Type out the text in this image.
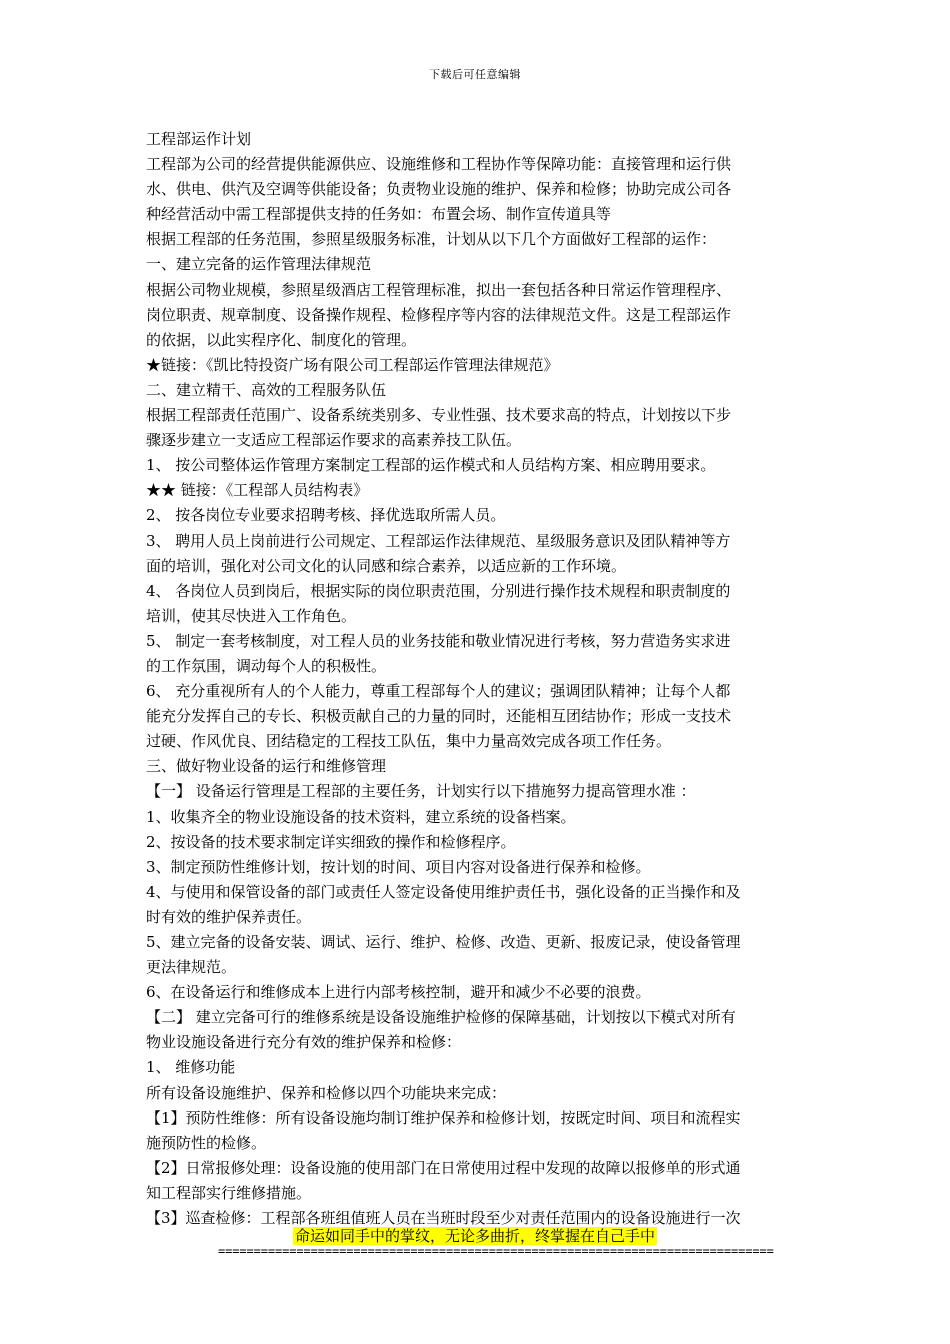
下载后可任意编辑
工程部运作计划
工程部为公司的经营提供能源供应、设施维修和工程协作等保障功能：直接管理和运行供
水、供电、供汽及空调等供能设备；负责物业设施的维护、保养和检修；协助完成公司各
种经营活动中需工程部提供支持的任务如：布置会场、制作宣传道具等
根据工程部的任务范围，参照星级服务标准，计划从以下几个方面做好工程部的运作：
一、建立完备的运作管理法律规范
根据公司物业规模，参照星级酒店工程管理标准，拟出一套包括各种日常运作管理程序、
岗位职责、规章制度、设备操作规程、检修程序等内容的法律规范文件。这是工程部运作
的依据，以此实程序化、制度化的管理。
★链接：《凯比特投资广场有限公司工程部运作管理法律规范》
二、建立精干、高效的工程服务队伍
根据工程部责任范围广、设备系统类别多、专业性强、技术要求高的特点，计划按以下步
骤逐步建立一支适应工程部运作要求的高素养技工队伍。
1、 按公司整体运作管理方案制定工程部的运作模式和人员结构方案、相应聘用要求。
★★ 链接：《工程部人员结构表》
2、 按各岗位专业要求招聘考核、择优选取所需人员。
3、 聘用人员上岗前进行公司规定、工程部运作法律规范、星级服务意识及团队精神等方
面的培训，强化对公司文化的认同感和综合素养，以适应新的工作环境。
4、 各岗位人员到岗后，根据实际的岗位职责范围，分别进行操作技术规程和职责制度的
培训，使其尽快进入工作角色。
5、 制定一套考核制度，对工程人员的业务技能和敬业情况进行考核，努力营造务实求进
的工作氛围，调动每个人的积极性。
6、 充分重视所有人的个人能力，尊重工程部每个人的建议；强调团队精神；让每个人都
能充分发挥自己的专长、积极贡献自己的力量的同时，还能相互团结协作；形成一支技术
过硬、作风优良、团结稳定的工程技工队伍，集中力量高效完成各项工作任务。
三、做好物业设备的运行和维修管理
【一】 设备运行管理是工程部的主要任务，计划实行以下措施努力提高管理水准 ：
1、收集齐全的物业设施设备的技术资料，建立系统的设备档案。
2、按设备的技术要求制定详实细致的操作和检修程序。
3、制定预防性维修计划，按计划的时间、项目内容对设备进行保养和检修。
4、与使用和保管设备的部门或责任人签定设备使用维护责任书，强化设备的正当操作和及
时有效的维护保养责任。
5、建立完备的设备安装、调试、运行、维护、检修、改造、更新、报废记录，使设备管理
更法律规范。
6、在设备运行和维修成本上进行内部考核控制，避开和减少不必要的浪费。
【二】 建立完备可行的维修系统是设备设施维护检修的保障基础，计划按以下模式对所有
物业设施设备进行充分有效的维护保养和检修：
1、 维修功能
所有设备设施维护、保养和检修以四个功能块来完成：
【1】预防性维修：所有设备设施均制订维护保养和检修计划，按既定时间、项目和流程实
施预防性的检修。
【2】日常报修处理：设备设施的使用部门在日常使用过程中发现的故障以报修单的形式通
知工程部实行维修措施。
【3】巡查检修：工程部各班组值班人员在当班时段至少对责任范围内的设备设施进行一次
命运如同手中的掌纹，无论多曲折，终掌握在自己手中
==============================================================================
